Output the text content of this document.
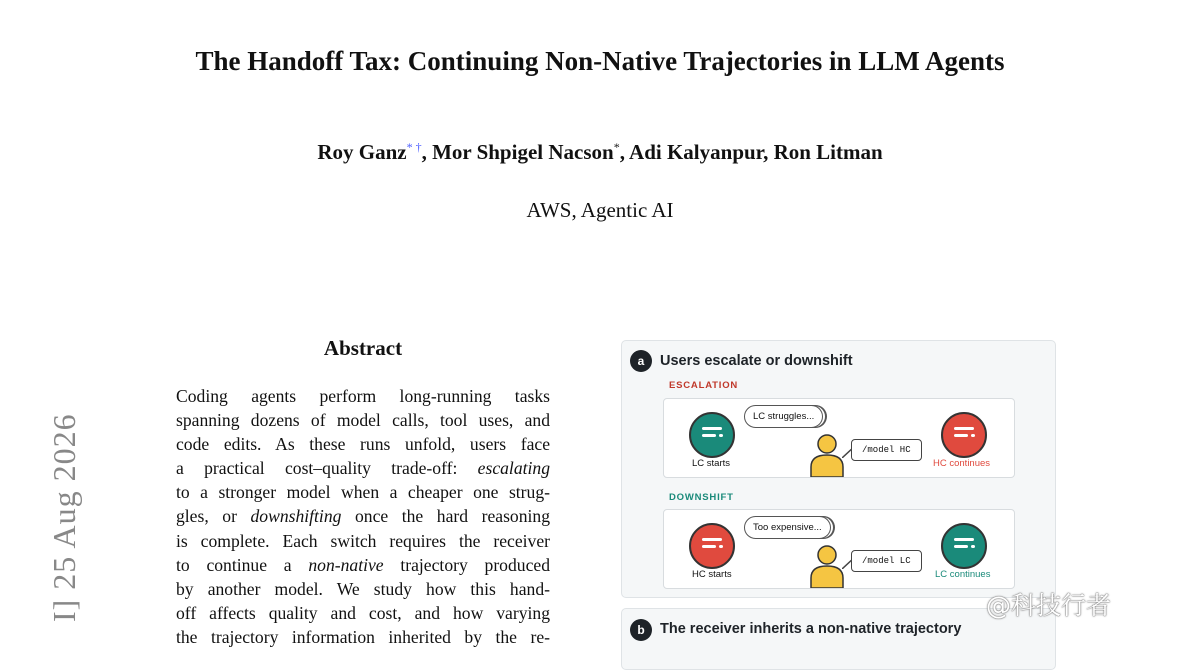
The Handoff Tax: Continuing Non-Native Trajectories in LLM Agents
Roy Ganz* †, Mor Shpigel Nacson*, Adi Kalyanpur, Ron Litman
AWS, Agentic AI
I] 25 Aug 2026
Abstract
Coding agents perform long-running tasks
spanning dozens of model calls, tool uses, and
code edits. As these runs unfold, users face
a practical cost–quality trade-off: escalating
to a stronger model when a cheaper one strug-
gles, or downshifting once the hard reasoning
is complete. Each switch requires the receiver
to continue a non-native trajectory produced
by another model. We study how this hand-
off affects quality and cost, and how varying
the trajectory information inherited by the re-
a	Users escalate or downshift
ESCALATION
LC starts
LC struggles...
/model HC
HC continues
DOWNSHIFT
HC starts
Too expensive...
/model LC
LC continues
b	The receiver inherits a non-native trajectory
@科技行者
